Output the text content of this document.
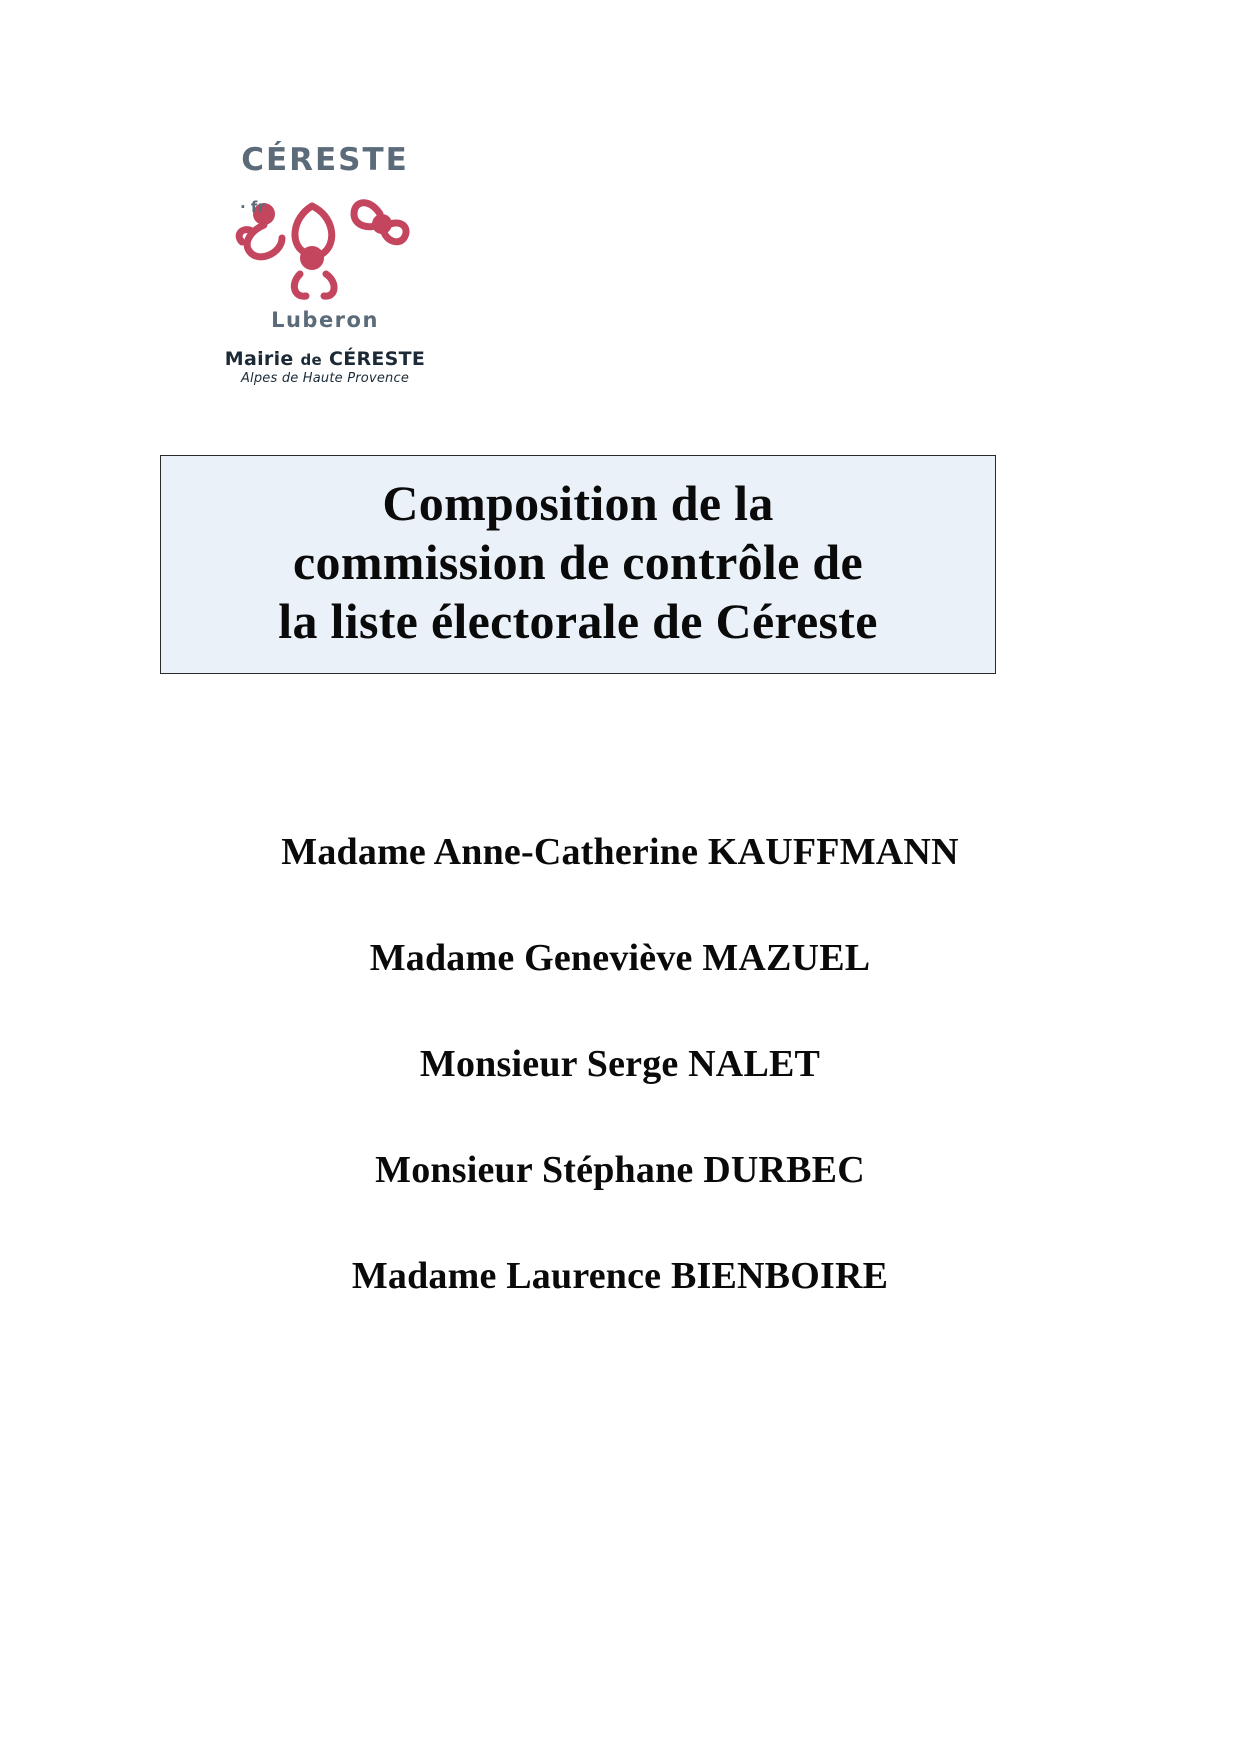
CÉRESTE
· fr
Luberon
Mairie de CÉRESTE
Alpes de Haute Provence
Composition de la
commission de contrôle de
la liste électorale de Céreste
Madame Anne-Catherine KAUFFMANN
Madame Geneviève MAZUEL
Monsieur Serge NALET
Monsieur Stéphane DURBEC
Madame Laurence BIENBOIRE
